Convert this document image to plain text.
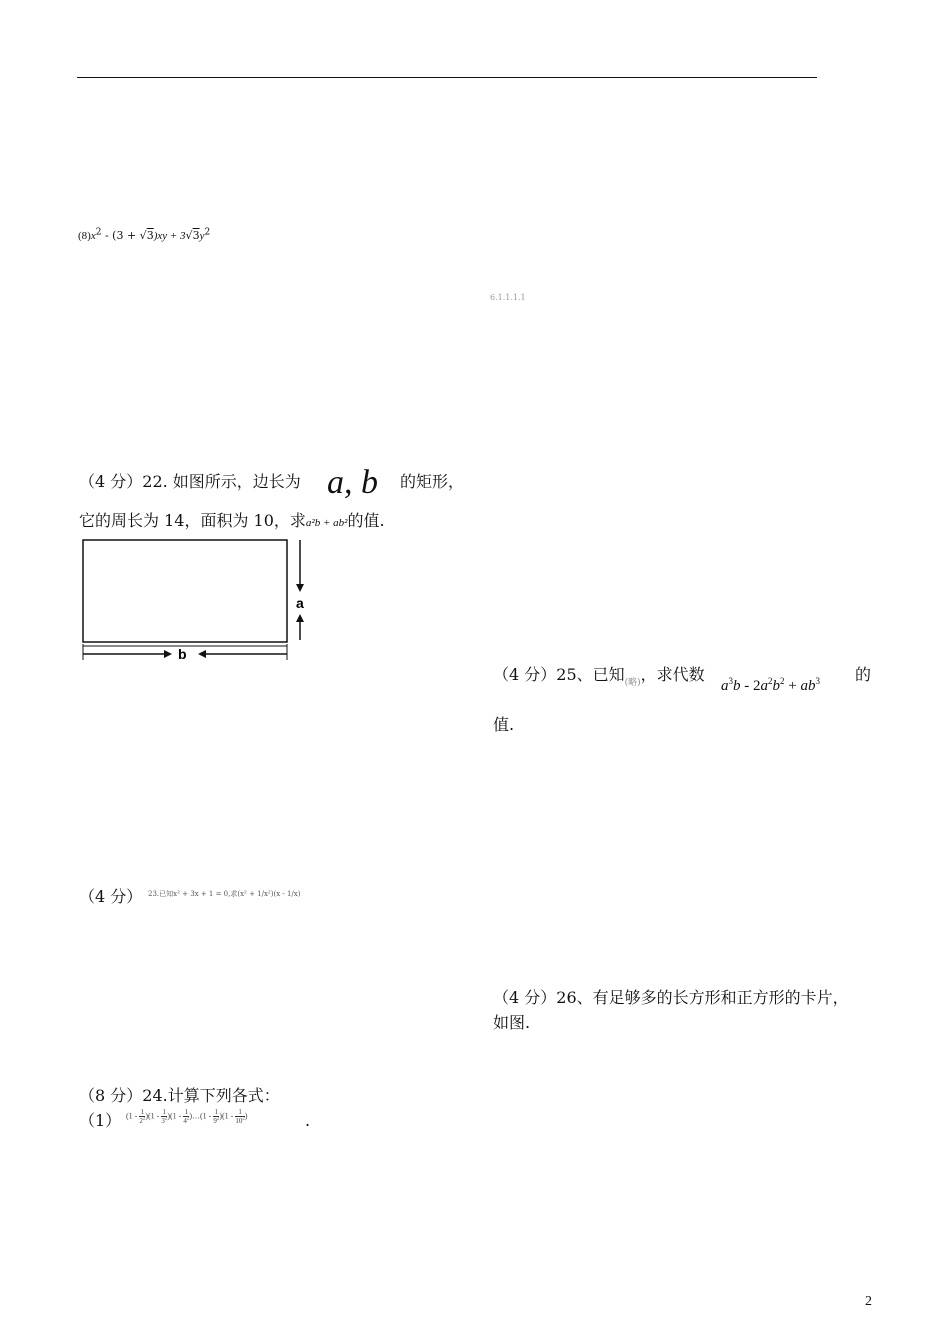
$(8)x^2 - (3 + √3)xy + 3√3y^2$
6.1.1.1.1
（4 分）22. 如图所示，边长为 a, b 的矩形，
它的周长为 14，面积为 10，求a²b + ab²的值.
a
b
（4 分）25、已知$_{(略)}$，求代数
$a^3b - 2a^2b^2 + ab^3$ 的
值.
（4 分） 23.已知x² + 3x + 1 = 0,求(x² + 1/x²)(x - 1/x)
（4 分）26、有足够多的长方形和正方形的卡片，
如图.
（8 分）24.计算下列各式：
（1） $(1 - \frac{1}{2^2} )(1 - \frac{1}{3^2} )(1 - \frac{1}{4^2}$ )…(1 - $\frac{1}{9^2} )(1 - \frac{1}{10^2}$ )	.
2
